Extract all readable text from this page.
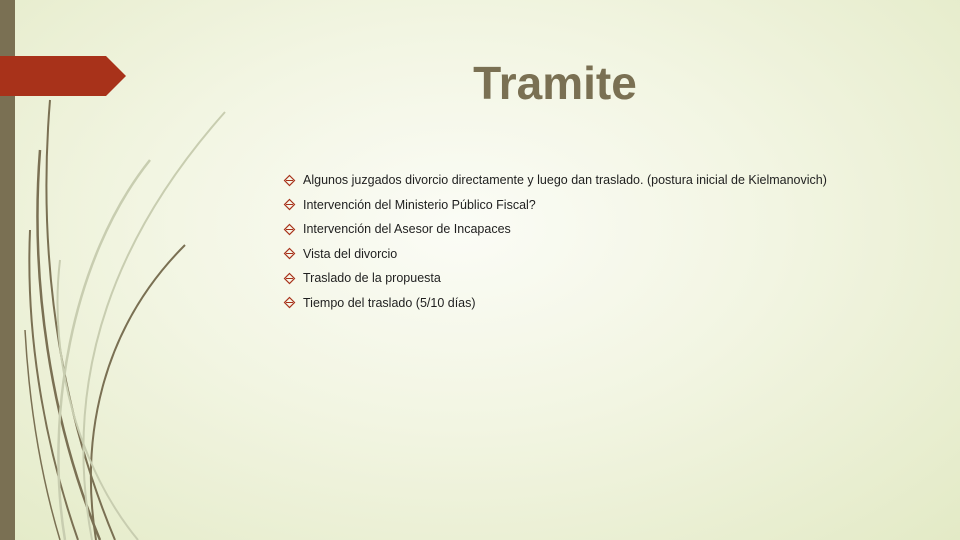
Tramite
Algunos juzgados divorcio directamente y luego dan traslado. (postura inicial de Kielmanovich)
Intervención del Ministerio Público Fiscal?
Intervención del Asesor de Incapaces
Vista del divorcio
Traslado de la propuesta
Tiempo del traslado (5/10 días)
